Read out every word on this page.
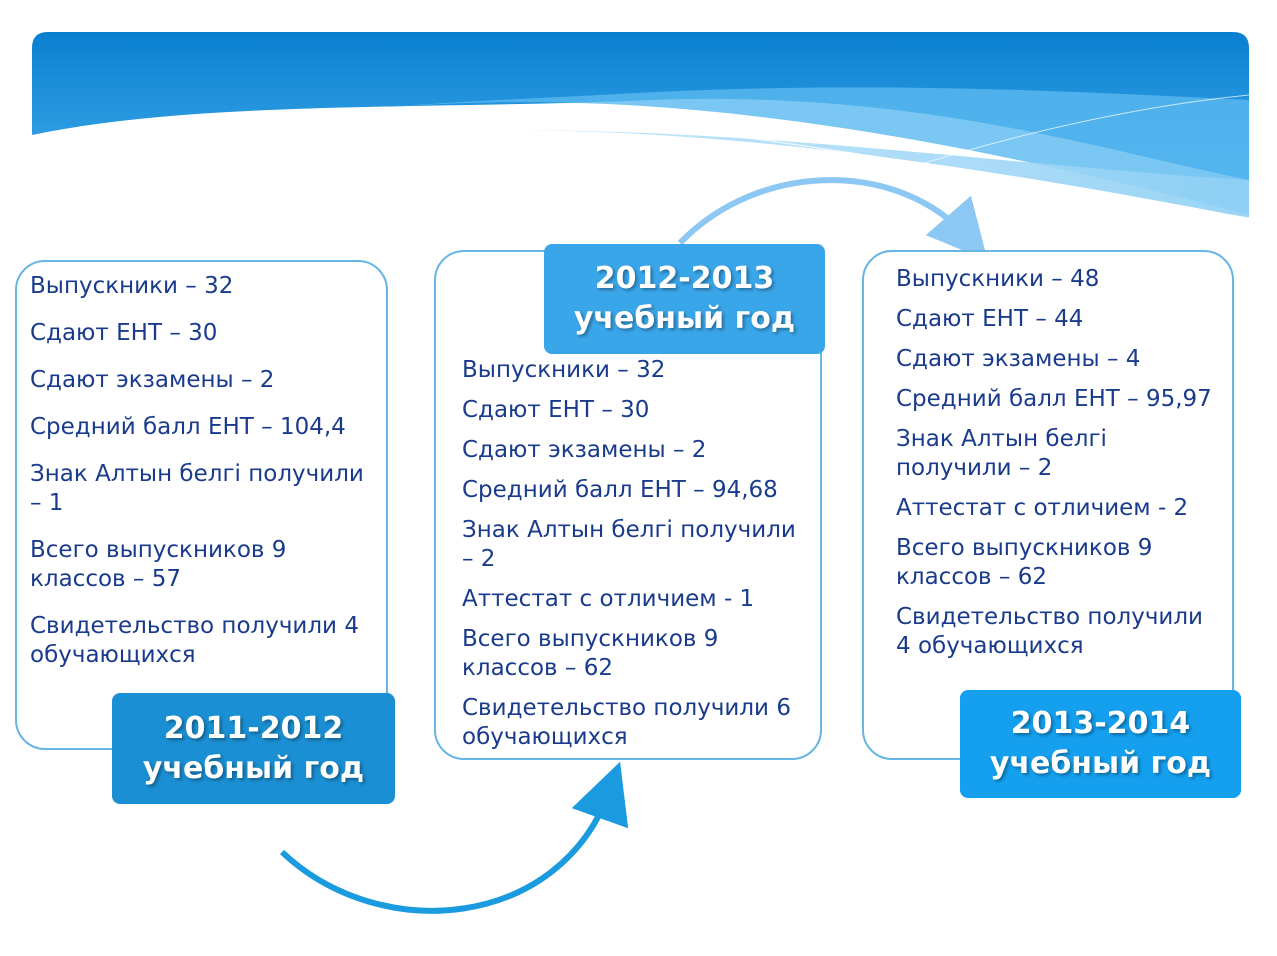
Выпускники – 32

Сдают ЕНТ – 30

Сдают экзамены – 2

Средний балл ЕНТ – 104,4

Знак Алтын белгі получили – 1

Всего выпускников 9 классов – 57

Свидетельство получили 4 обучающихся

Выпускники – 32

Сдают ЕНТ – 30

Сдают экзамены – 2

Средний балл ЕНТ – 94,68

Знак Алтын белгі получили – 2

Аттестат с отличием - 1

Всего выпускников 9 классов – 62

Свидетельство получили 6 обучающихся

Выпускники – 48

Сдают ЕНТ – 44

Сдают экзамены – 4

Средний балл ЕНТ – 95,97

Знак Алтын белгі получили – 2

Аттестат с отличием - 2

Всего выпускников 9 классов – 62

Свидетельство получили 4 обучающихся

2011-2012
учебный год
2012-2013
учебный год
2013-2014
учебный год
